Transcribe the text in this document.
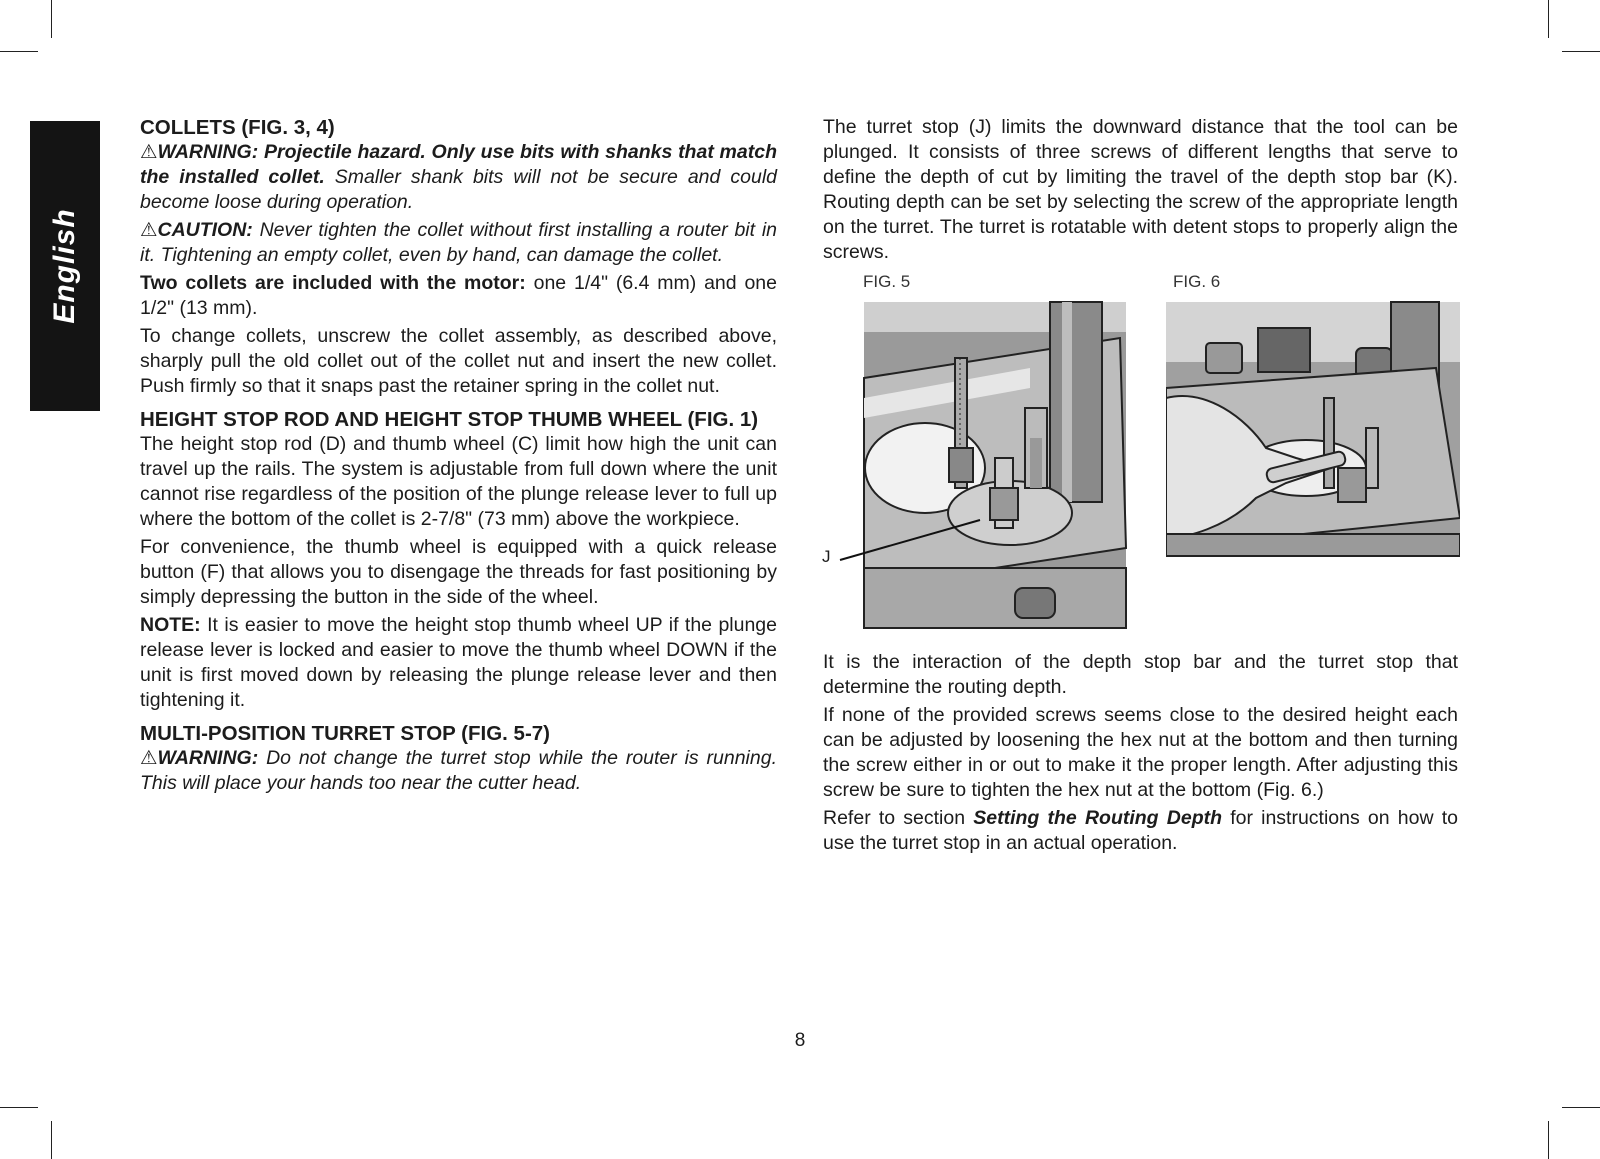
English
COLLETS (FIG. 3, 4)

⚠WARNING: Projectile hazard. Only use bits with shanks that match the installed collet. Smaller shank bits will not be secure and could become loose during operation.

⚠CAUTION: Never tighten the collet without first installing a router bit in it. Tightening an empty collet, even by hand, can damage the collet.

Two collets are included with the motor: one 1/4" (6.4 mm) and one 1/2" (13 mm).

To change collets, unscrew the collet assembly, as described above, sharply pull the old collet out of the collet nut and insert the new collet. Push firmly so that it snaps past the retainer spring in the collet nut.

HEIGHT STOP ROD AND HEIGHT STOP THUMB WHEEL (FIG. 1)

The height stop rod (D) and thumb wheel (C) limit how high the unit can travel up the rails. The system is adjustable from full down where the unit cannot rise regardless of the position of the plunge release lever to full up where the bottom of the collet is 2-7/8" (73 mm) above the workpiece.

For convenience, the thumb wheel is equipped with a quick release button (F) that allows you to disengage the threads for fast positioning by simply depressing the button in the side of the wheel.

NOTE: It is easier to move the height stop thumb wheel UP if the plunge release lever is locked and easier to move the thumb wheel DOWN if the unit is first moved down by releasing the plunge release lever and then tightening it.

MULTI-POSITION TURRET STOP (FIG. 5-7)

⚠WARNING: Do not change the turret stop while the router is running. This will place your hands too near the cutter head.

The turret stop (J) limits the downward distance that the tool can be plunged. It consists of three screws of different lengths that serve to define the depth of cut by limiting the travel of the depth stop bar (K). Routing depth can be set by selecting the screw of the appropriate length on the turret. The turret is rotatable with detent stops to properly align the screws.

FIG. 5	FIG. 6
J

It is the interaction of the depth stop bar and the turret stop that determine the routing depth.

If none of the provided screws seems close to the desired height each can be adjusted by loosening the hex nut at the bottom and then turning the screw either in or out to make it the proper length. After adjusting this screw be sure to tighten the hex nut at the bottom (Fig. 6.)

Refer to section Setting the Routing Depth for instructions on how to use the turret stop in an actual operation.

8
